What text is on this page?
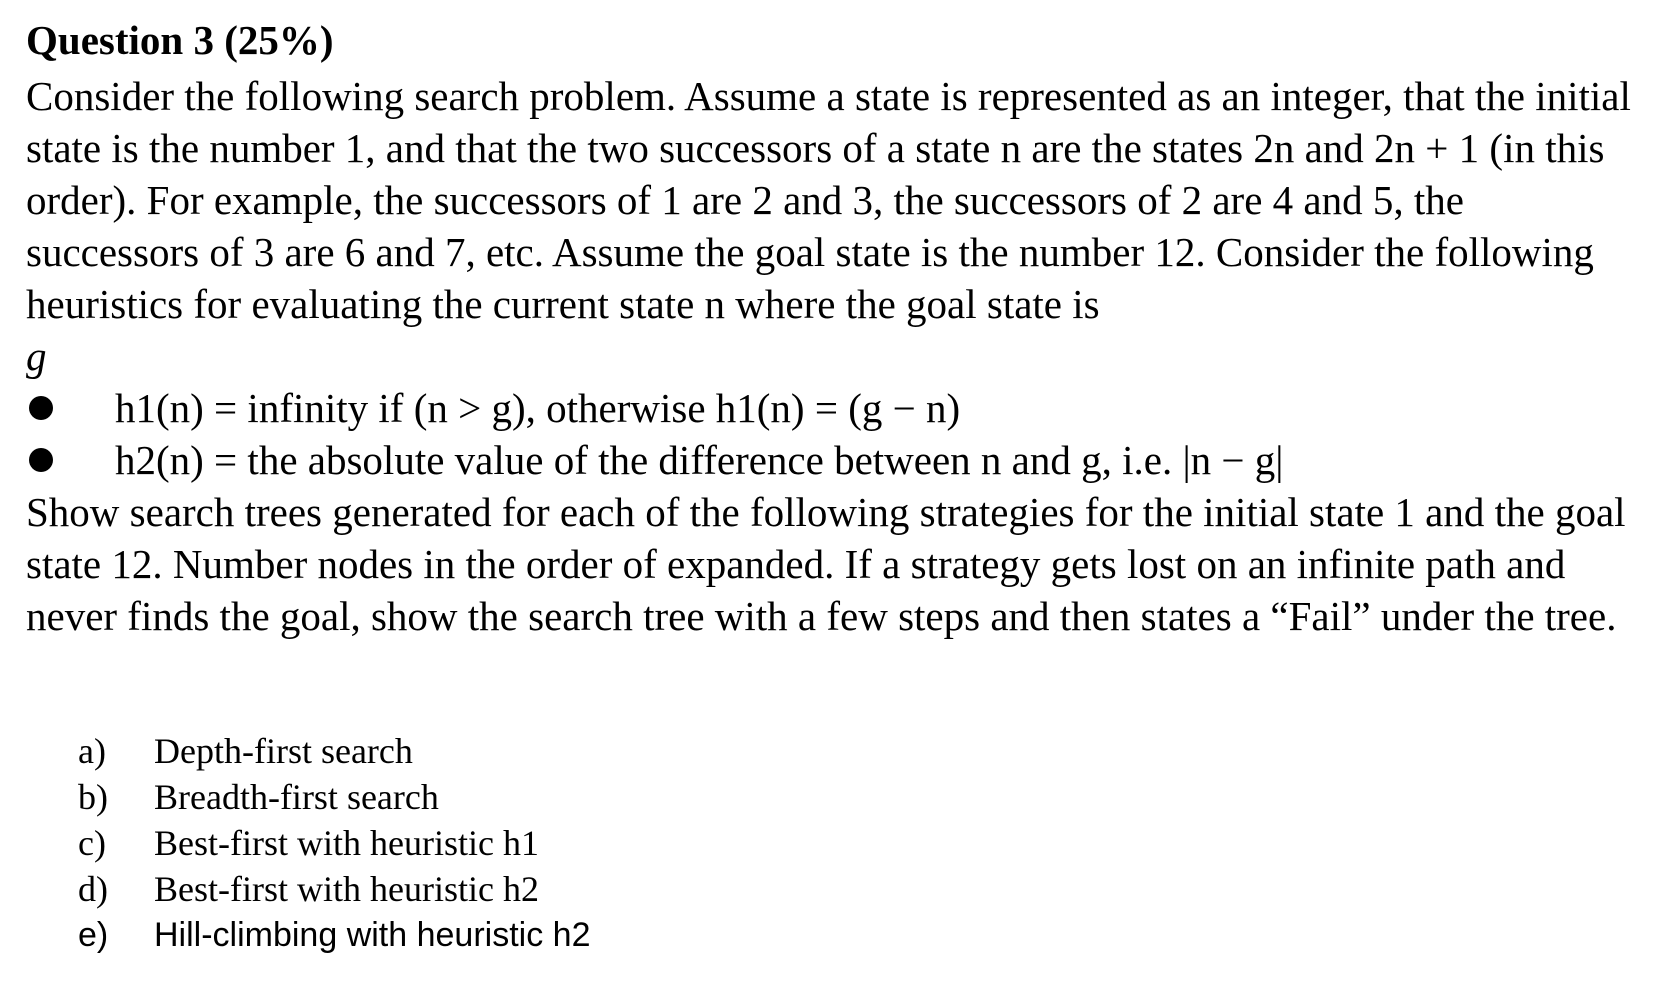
Question 3 (25%)

Consider the following search problem. Assume a state is represented as an integer, that the initial state is the number 1, and that the two successors of a state n are the states 2n and 2n + 1 (in this order). For example, the successors of 1 are 2 and 3, the successors of 2 are 4 and 5, the successors of 3 are 6 and 7, etc. Assume the goal state is the number 12. Consider the following heuristics for evaluating the current state n where the goal state is

g
h1(n) = infinity if (n > g), otherwise h1(n) = (g − n)
h2(n) = the absolute value of the difference between n and g, i.e. |n − g|

Show search trees generated for each of the following strategies for the initial state 1 and the goal state 12. Number nodes in the order of expanded. If a strategy gets lost on an infinite path and never finds the goal, show the search tree with a few steps and then states a “Fail” under the tree.

a) Depth-first search
b) Breadth-first search
c) Best-first with heuristic h1
d) Best-first with heuristic h2
e) Hill-climbing with heuristic h2
